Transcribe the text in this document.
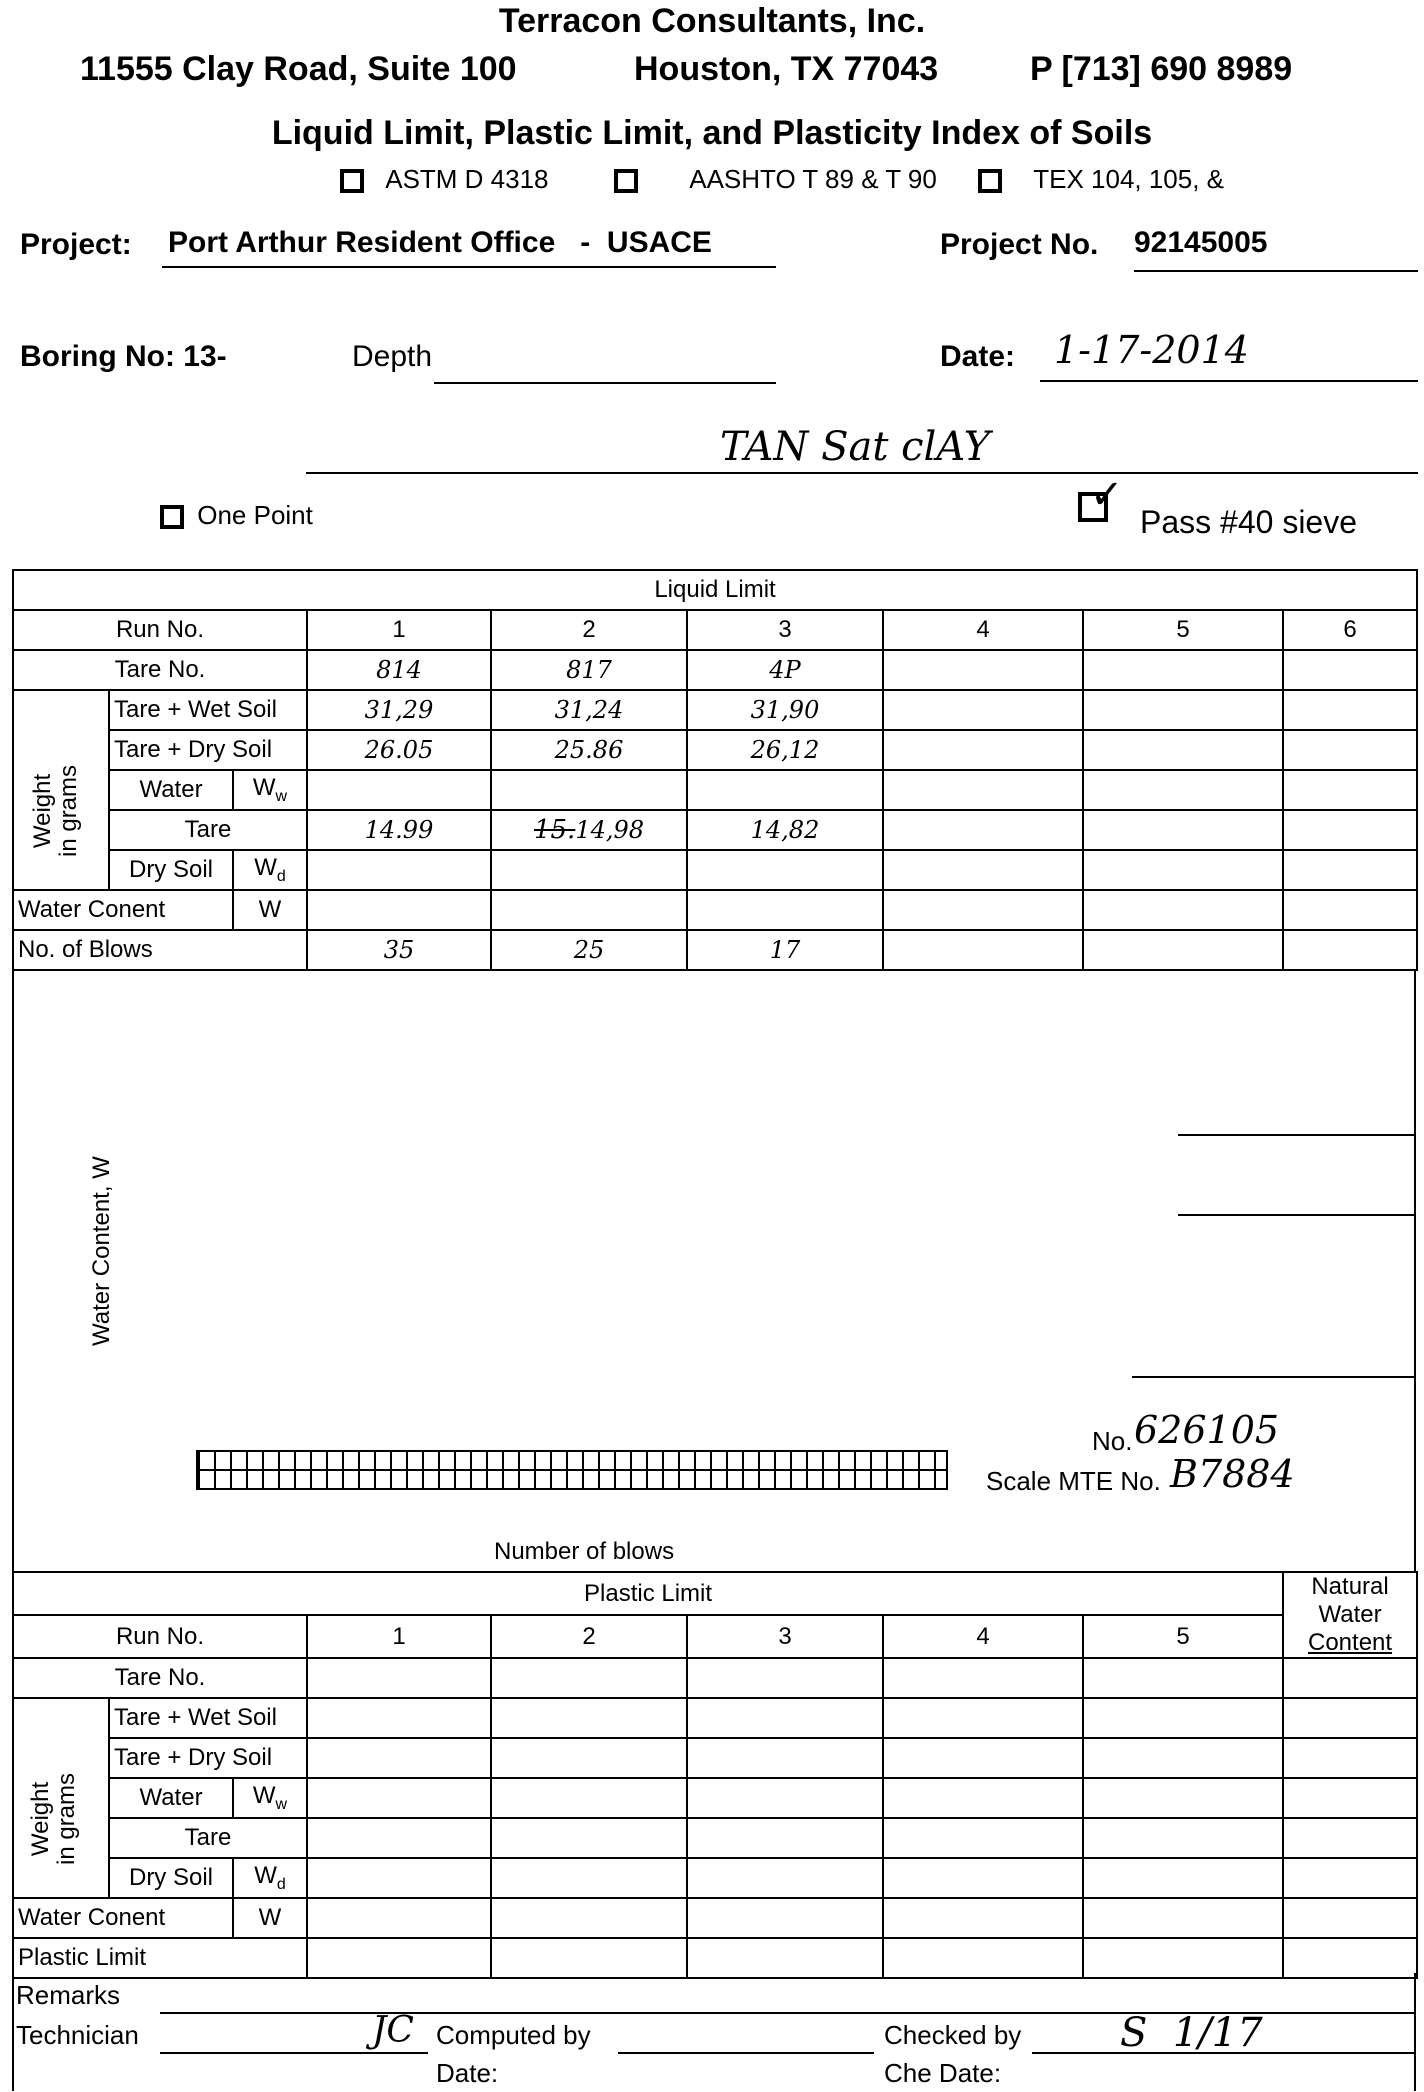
Terracon Consultants, Inc.
11555 Clay Road, Suite 100	Houston, TX 77043	P [713] 690 8989
Liquid Limit, Plastic Limit, and Plasticity Index of Soils
ASTM D 4318	AASHTO T 89 & T 90	TEX 104, 105, &
Project: Port Arthur Resident Office   -  USACE	Project No. 92145005
Boring No: 13-	Depth	Date:	1-17-2014
TAN Sat clAY
One Point	✓
Pass #40 sieve
Liquid Limit								
Run No.			1	2	3	4	5	6
Tare No.			814	817	4P			

Weight in grams	Tare + Wet Soil		31,29	31,24	31,90			
	Tare + Dry Soil		26.05	25.86	26,12			
	Water	$W_w$						
	Tare		14.99	15.14,98	14,82			
	Dry Soil	$W_d$						
Water Conent		W						
No. of Blows			35	25	17			
Water Content, W
No. 626105
Scale MTE No. B7884
Number of blows
Plastic Limit								Natural
Water
Content

Run No.			1	2	3	4	5	
Tare No.								

Weight in grams	Tare + Wet Soil							
	Tare + Dry Soil							
	Water	$W_w$						
	Tare							
	Dry Soil	$W_d$						
Water Conent		W						
Plastic Limit								
Remarks
Technician	JC Computed by
Date:
Checked by S  1/17
Che Date:
